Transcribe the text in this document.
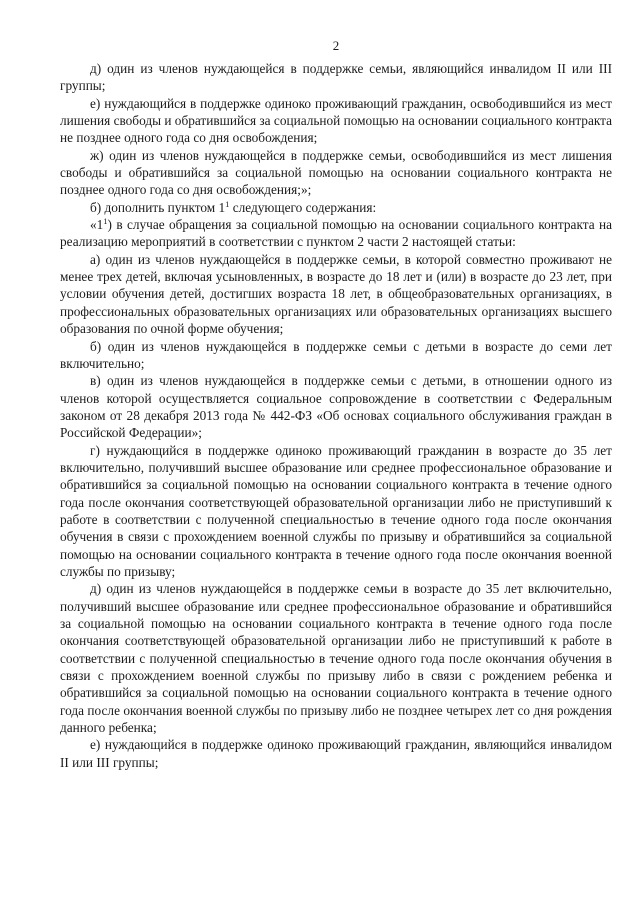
2

д) один из членов нуждающейся в поддержке семьи, являющийся инвалидом II или III группы;

е) нуждающийся в поддержке одиноко проживающий гражданин, освободившийся из мест лишения свободы и обратившийся за социальной помощью на основании социального контракта не позднее одного года со дня освобождения;

ж) один из членов нуждающейся в поддержке семьи, освободившийся из мест лишения свободы и обратившийся за социальной помощью на основании социального контракта не позднее одного года со дня освобождения;»;

б) дополнить пунктом $1^1$ следующего содержания:

«$1^1$) в случае обращения за социальной помощью на основании социального контракта на реализацию мероприятий в соответствии с пунктом 2 части 2 настоящей статьи:

а) один из членов нуждающейся в поддержке семьи, в которой совместно проживают не менее трех детей, включая усыновленных, в возрасте до 18 лет и (или) в возрасте до 23 лет, при условии обучения детей, достигших возраста 18 лет, в общеобразовательных организациях, в профессиональных образовательных организациях или образовательных организациях высшего образования по очной форме обучения;

б) один из членов нуждающейся в поддержке семьи с детьми в возрасте до семи лет включительно;

в) один из членов нуждающейся в поддержке семьи с детьми, в отношении одного из членов которой осуществляется социальное сопровождение в соответствии с Федеральным законом от 28 декабря 2013 года № 442-ФЗ «Об основах социального обслуживания граждан в Российской Федерации»;

г) нуждающийся в поддержке одиноко проживающий гражданин в возрасте до 35 лет включительно, получивший высшее образование или среднее профессиональное образование и обратившийся за социальной помощью на основании социального контракта в течение одного года после окончания соответствующей образовательной организации либо не приступивший к работе в соответствии с полученной специальностью в течение одного года после окончания обучения в связи с прохождением военной службы по призыву и обратившийся за социальной помощью на основании социального контракта в течение одного года после окончания военной службы по призыву;

д) один из членов нуждающейся в поддержке семьи в возрасте до 35 лет включительно, получивший высшее образование или среднее профессиональное образование и обратившийся за социальной помощью на основании социального контракта в течение одного года после окончания соответствующей образовательной организации либо не приступивший к работе в соответствии с полученной специальностью в течение одного года после окончания обучения в связи с прохождением военной службы по призыву либо в связи с рождением ребенка и обратившийся за социальной помощью на основании социального контракта в течение одного года после окончания военной службы по призыву либо не позднее четырех лет со дня рождения данного ребенка;

е) нуждающийся в поддержке одиноко проживающий гражданин, являющийся инвалидом II или III группы;
